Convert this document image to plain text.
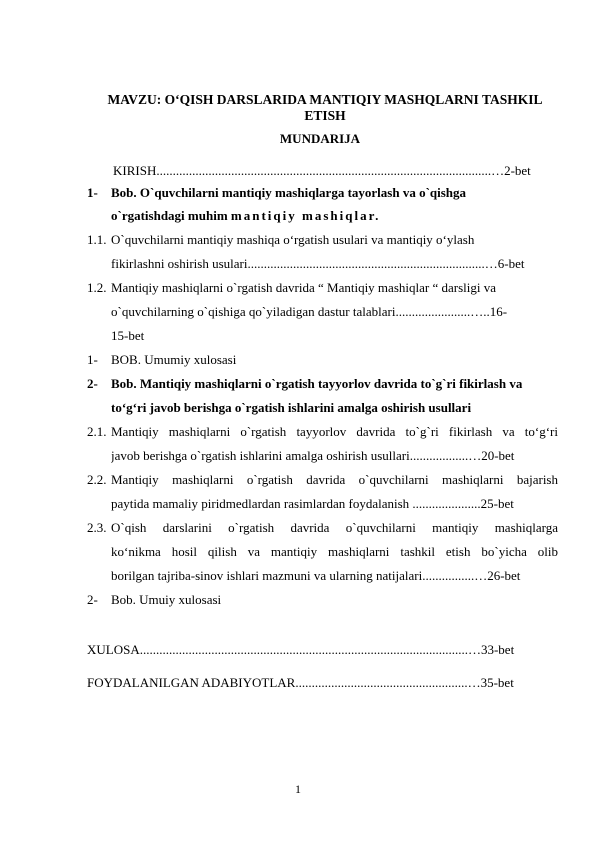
MAVZU: O‘QISH DARSLARIDA MANTIQIY MASHQLARNI TASHKIL
ETISH
MUNDARIJA
KIRISH.......................................................................................................…2-bet
1- Bob. O`quvchilarni mantiqiy mashiqlarga tayorlash va o`qishga
o`rgatishdagi muhim mantiqiy mashiqlar.
1.1. O`quvchilarni mantiqiy mashiqa o‘rgatish usulari va mantiqiy o‘ylash
fikirlashni oshirish usulari.........................................................................…6-bet
1.2. Mantiqiy mashiqlarni o`rgatish davrida “ Mantiqiy mashiqlar “ darsligi va
o`quvchilarning o`qishiga qo`yiladigan dastur talablari.......................…..16-
15-bet
1- BOB. Umumiy xulosasi
2- Bob. Mantiqiy mashiqlarni o`rgatish tayyorlov davrida to`g`ri fikirlash va
to‘g‘ri javob berishga o`rgatish ishlarini amalga oshirish usullari
2.1. Mantiqiy mashiqlarni o`rgatish tayyorlov davrida to`g`ri fikirlash va to‘g‘ri
javob berishga o`rgatish ishlarini amalga oshirish usullari..................…20-bet
2.2. Mantiqiy mashiqlarni o`rgatish davrida o`quvchilarni mashiqlarni bajarish
paytida mamaliy piridmedlardan rasimlardan foydalanish .....................25-bet
2.3. O`qish darslarini o`rgatish davrida o`quvchilarni mantiqiy mashiqlarga
ko‘nikma hosil qilish va mantiqiy mashiqlarni tashkil etish bo`yicha olib
borilgan tajriba-sinov ishlari mazmuni va ularning natijalari................…26-bet
2- Bob. Umuiy xulosasi
XULOSA.....................................................................................................…33-bet
FOYDALANILGAN ADABIYOTLAR.....................................................…35-bet
1
